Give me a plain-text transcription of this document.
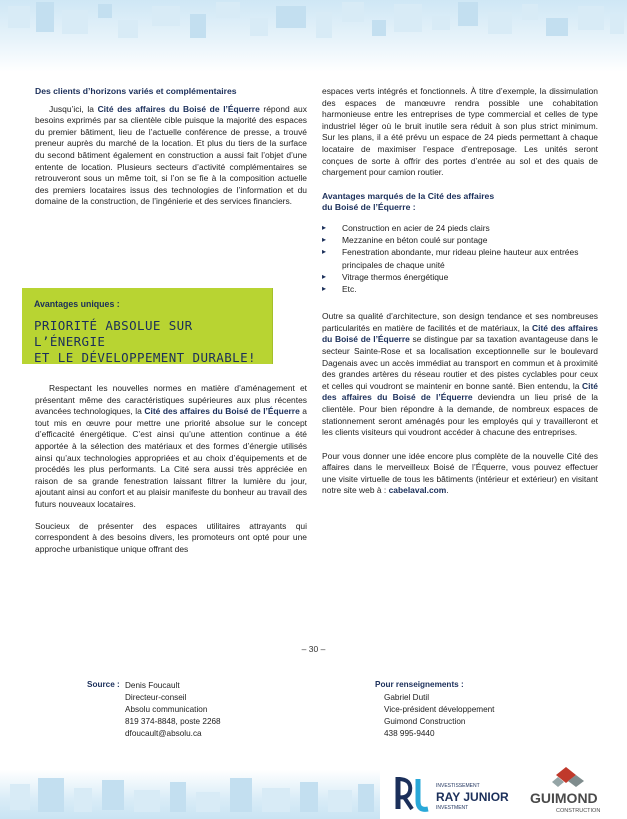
Des clients d’horizons variés et complémentaires

Jusqu’ici, la Cité des affaires du Boisé de l’Équerre répond aux besoins exprimés par sa clientèle cible puisque la majorité des espaces du premier bâtiment, lieu de l’actuelle conférence de presse, a trouvé preneur auprès du marché de la location. Et plus du tiers de la surface du second bâtiment également en construction a aussi fait l’objet d’une entente de location. Plusieurs secteurs d’activité complémentaires se retrouveront sous un même toit, si l’on se fie à la composition actuelle des premiers locataires issus des technologies de l’information et du domaine de la construction, de l’ingénierie et des services financiers.

Avantages uniques :
PRIORITÉ ABSOLUE SUR L’ÉNERGIE
ET LE DÉVELOPPEMENT DURABLE!

Respectant les nouvelles normes en matière d’aménagement et présentant même des caractéristiques supérieures aux plus récentes avancées technologiques, la Cité des affaires du Boisé de l’Équerre a tout mis en œuvre pour mettre une priorité absolue sur le concept d’efficacité énergétique. C’est ainsi qu’une attention continue a été apportée à la sélection des matériaux et des formes d’énergie utilisés ainsi qu’aux technologies appropriées et au choix d’équipements et de procédés les plus performants. La Cité sera aussi très appréciée en raison de sa grande fenestration laissant filtrer la lumière du jour, ajoutant ainsi au confort et au plaisir manifeste du bonheur au travail des futurs nouveaux locataires.

Soucieux de présenter des espaces utilitaires attrayants qui correspondent à des besoins divers, les promoteurs ont opté pour une approche urbanistique unique offrant des

espaces verts intégrés et fonctionnels. À titre d’exemple, la dissimulation des espaces de manœuvre rendra possible une cohabitation harmonieuse entre les entreprises de type commercial et celles de type industriel léger où le bruit inutile sera réduit à son plus strict minimum. Sur les plans, il a été prévu un espace de 24 pieds permettant à chaque locataire de maximiser l’espace d’entreposage. Les unités seront conçues de sorte à offrir des portes d’entrée au sol et des quais de chargement pour camion routier.

Avantages marqués de la Cité des affaires
du Boisé de l’Équerre :

▸ Construction en acier de 24 pieds clairs
▸ Mezzanine en béton coulé sur pontage
▸ Fenestration abondante, mur rideau pleine hauteur aux entrées principales de chaque unité
▸ Vitrage thermos énergétique
▸ Etc.

Outre sa qualité d’architecture, son design tendance et ses nombreuses particularités en matière de facilités et de matériaux, la Cité des affaires du Boisé de l’Équerre se distingue par sa taxation avantageuse dans le secteur Sainte-Rose et sa localisation exceptionnelle sur le boulevard Dagenais avec un accès immédiat au transport en commun et à proximité des grandes artères du réseau routier et des pistes cyclables pour ceux et celles qui voudront se maintenir en bonne santé. Bien entendu, la Cité des affaires du Boisé de l’Équerre deviendra un lieu prisé de la clientèle. Pour bien répondre à la demande, de nombreux espaces de stationnement seront aménagés pour les employés qui y travailleront et les clients visiteurs qui voudront accéder à chacune des entreprises.

Pour vous donner une idée encore plus complète de la nouvelle Cité des affaires dans le merveilleux Boisé de l’Équerre, vous pouvez effectuer une visite virtuelle de tous les bâtiments (intérieur et extérieur) en visitant notre site web à : cabelaval.com.

– 30 –
Source : Denis Foucault
Directeur-conseil
Absolu communication
819 374-8848, poste 2268
dfoucault@absolu.ca
Pour renseignements :
Gabriel Dutil
Vice-président développement
Guimond Construction
438 995-9440
INVESTISSEMENT
RAY JUNIOR
INVESTMENT
GUIMOND
CONSTRUCTION
